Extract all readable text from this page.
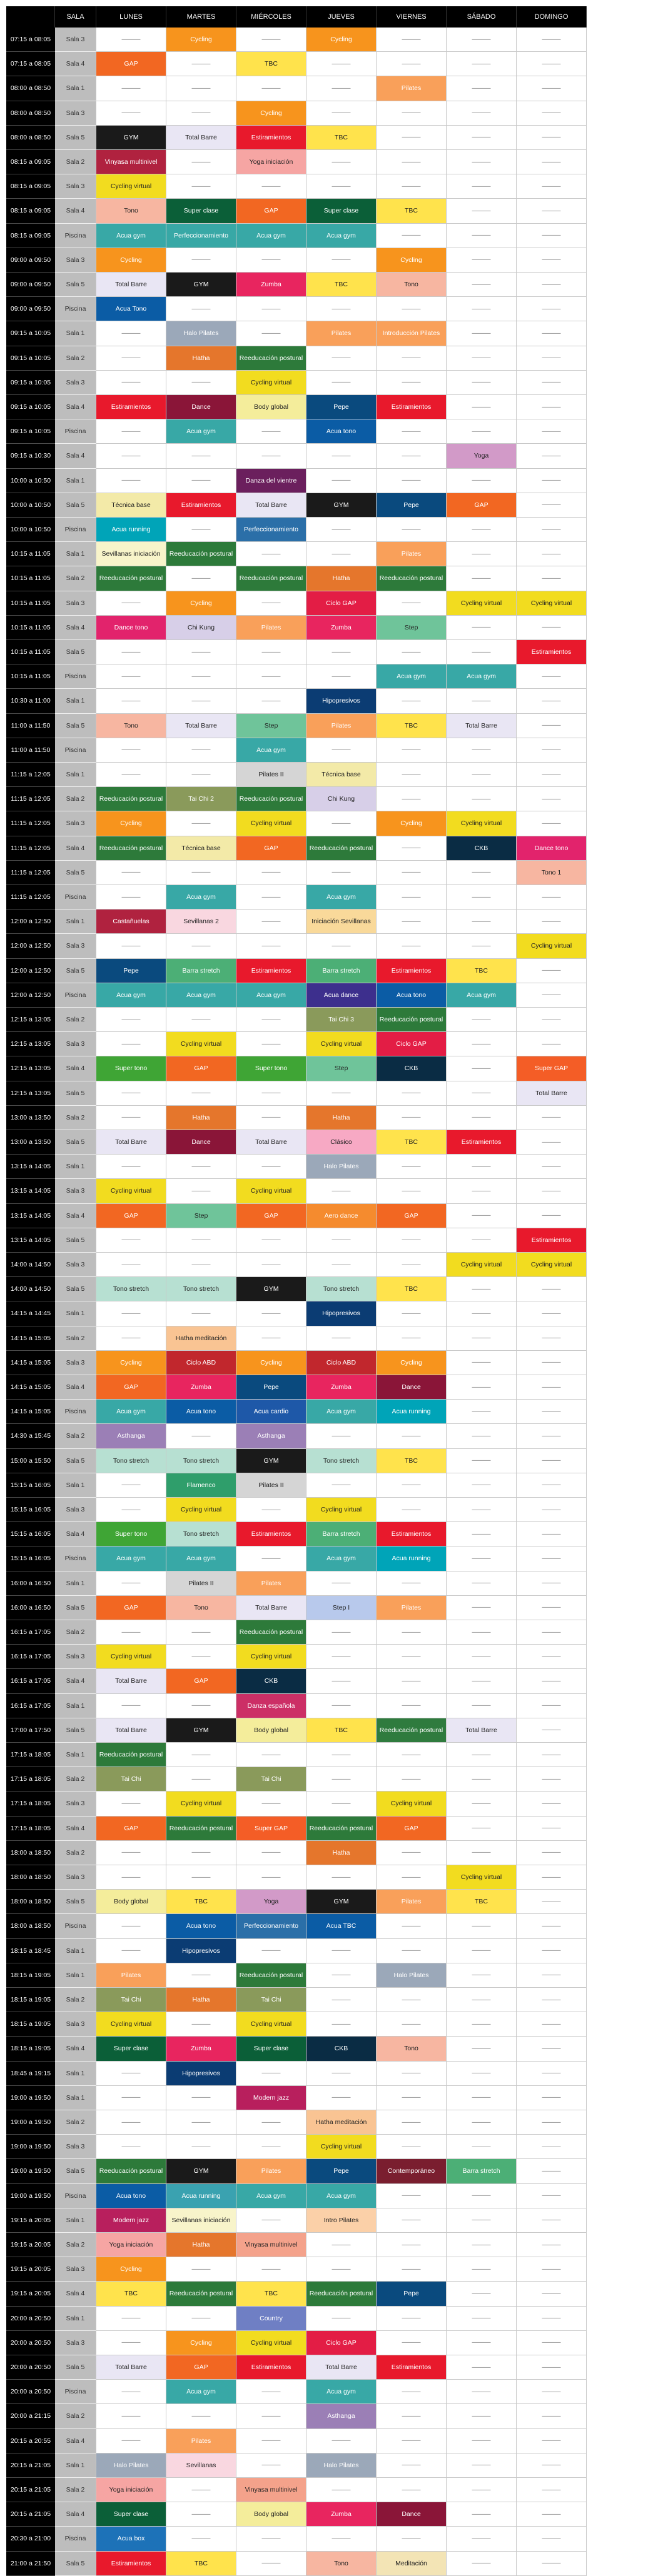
SALA	LUNES	MARTES	MIÉRCOLES	JUEVES	VIERNES	SÁBADO	DOMINGO
07:15 a 08:05	Sala 3	———	Cycling	———	Cycling	———	———	———
07:15 a 08:05	Sala 4	GAP	———	TBC	———	———	———	———
08:00 a 08:50	Sala 1	———	———	———	———	Pilates	———	———
08:00 a 08:50	Sala 3	———	———	Cycling	———	———	———	———
08:00 a 08:50	Sala 5	GYM	Total Barre	Estiramientos	TBC	———	———	———
08:15 a 09:05	Sala 2	Vinyasa multinivel	———	Yoga iniciación	———	———	———	———
08:15 a 09:05	Sala 3	Cycling virtual	———	———	———	———	———	———
08:15 a 09:05	Sala 4	Tono	Super clase	GAP	Super clase	TBC	———	———
08:15 a 09:05	Piscina	Acua gym	Perfeccionamiento	Acua gym	Acua gym	———	———	———
09:00 a 09:50	Sala 3	Cycling	———	———	———	Cycling	———	———
09:00 a 09:50	Sala 5	Total Barre	GYM	Zumba	TBC	Tono	———	———
09:00 a 09:50	Piscina	Acua Tono	———	———	———	———	———	———
09:15 a 10:05	Sala 1	———	Halo Pilates	———	Pilates	Introducción Pilates	———	———
09:15 a 10:05	Sala 2	———	Hatha	Reeducación postural	———	———	———	———
09:15 a 10:05	Sala 3	———	———	Cycling virtual	———	———	———	———
09:15 a 10:05	Sala 4	Estiramientos	Dance	Body global	Pepe	Estiramientos	———	———
09:15 a 10:05	Piscina	———	Acua gym	———	Acua tono	———	———	———
09:15 a 10:30	Sala 4	———	———	———	———	———	Yoga	———
10:00 a 10:50	Sala 1	———	———	Danza del vientre	———	———	———	———
10:00 a 10:50	Sala 5	Técnica base	Estiramientos	Total Barre	GYM	Pepe	GAP	———
10:00 a 10:50	Piscina	Acua running	———	Perfeccionamiento	———	———	———	———
10:15 a 11:05	Sala 1	Sevillanas iniciación	Reeducación postural	———	———	Pilates	———	———
10:15 a 11:05	Sala 2	Reeducación postural	———	Reeducación postural	Hatha	Reeducación postural	———	———
10:15 a 11:05	Sala 3	———	Cycling	———	Ciclo GAP	———	Cycling virtual	Cycling virtual
10:15 a 11:05	Sala 4	Dance tono	Chi Kung	Pilates	Zumba	Step	———	———
10:15 a 11:05	Sala 5	———	———	———	———	———	———	Estiramientos
10:15 a 11:05	Piscina	———	———	———	———	Acua gym	Acua gym	———
10:30 a 11:00	Sala 1	———	———	———	Hipopresivos	———	———	———
11:00 a 11:50	Sala 5	Tono	Total Barre	Step	Pilates	TBC	Total Barre	———
11:00 a 11:50	Piscina	———	———	Acua gym	———	———	———	———
11:15 a 12:05	Sala 1	———	———	Pilates II	Técnica base	———	———	———
11:15 a 12:05	Sala 2	Reeducación postural	Tai Chi 2	Reeducación postural	Chi Kung	———	———	———
11:15 a 12:05	Sala 3	Cycling	———	Cycling virtual	———	Cycling	Cycling virtual	———
11:15 a 12:05	Sala 4	Reeducación postural	Técnica base	GAP	Reeducación postural	———	CKB	Dance tono
11:15 a 12:05	Sala 5	———	———	———	———	———	———	Tono 1
11:15 a 12:05	Piscina	———	Acua gym	———	Acua gym	———	———	———
12:00 a 12:50	Sala 1	Castañuelas	Sevillanas 2	———	Iniciación Sevillanas	———	———	———
12:00 a 12:50	Sala 3	———	———	———	———	———	———	Cycling virtual
12:00 a 12:50	Sala 5	Pepe	Barra stretch	Estiramientos	Barra stretch	Estiramientos	TBC	———
12:00 a 12:50	Piscina	Acua gym	Acua gym	Acua gym	Acua dance	Acua tono	Acua gym	———
12:15 a 13:05	Sala 2	———	———	———	Tai Chi 3	Reeducación postural	———	———
12:15 a 13:05	Sala 3	———	Cycling virtual	———	Cycling virtual	Ciclo GAP	———	———
12:15 a 13:05	Sala 4	Super tono	GAP	Super tono	Step	CKB	———	Super GAP
12:15 a 13:05	Sala 5	———	———	———	———	———	———	Total Barre
13:00 a 13:50	Sala 2	———	Hatha	———	Hatha	———	———	———
13:00 a 13:50	Sala 5	Total Barre	Dance	Total Barre	Clásico	TBC	Estiramientos	———
13:15 a 14:05	Sala 1	———	———	———	Halo Pilates	———	———	———
13:15 a 14:05	Sala 3	Cycling virtual	———	Cycling virtual	———	———	———	———
13:15 a 14:05	Sala 4	GAP	Step	GAP	Aero dance	GAP	———	———
13:15 a 14:05	Sala 5	———	———	———	———	———	———	Estiramientos
14:00 a 14:50	Sala 3	———	———	———	———	———	Cycling virtual	Cycling virtual
14:00 a 14:50	Sala 5	Tono stretch	Tono stretch	GYM	Tono stretch	TBC	———	———
14:15 a 14:45	Sala 1	———	———	———	Hipopresivos	———	———	———
14:15 a 15:05	Sala 2	———	Hatha meditación	———	———	———	———	———
14:15 a 15:05	Sala 3	Cycling	Ciclo ABD	Cycling	Ciclo ABD	Cycling	———	———
14:15 a 15:05	Sala 4	GAP	Zumba	Pepe	Zumba	Dance	———	———
14:15 a 15:05	Piscina	Acua gym	Acua tono	Acua cardio	Acua gym	Acua running	———	———
14:30 a 15:45	Sala 2	Asthanga	———	Asthanga	———	———	———	———
15:00 a 15:50	Sala 5	Tono stretch	Tono stretch	GYM	Tono stretch	TBC	———	———
15:15 a 16:05	Sala 1	———	Flamenco	Pilates II	———	———	———	———
15:15 a 16:05	Sala 3	———	Cycling virtual	———	Cycling virtual	———	———	———
15:15 a 16:05	Sala 4	Super tono	Tono stretch	Estiramientos	Barra stretch	Estiramientos	———	———
15:15 a 16:05	Piscina	Acua gym	Acua gym	———	Acua gym	Acua running	———	———
16:00 a 16:50	Sala 1	———	Pilates II	Pilates	———	———	———	———
16:00 a 16:50	Sala 5	GAP	Tono	Total Barre	Step I	Pilates	———	———
16:15 a 17:05	Sala 2	———	———	Reeducación postural	———	———	———	———
16:15 a 17:05	Sala 3	Cycling virtual	———	Cycling virtual	———	———	———	———
16:15 a 17:05	Sala 4	Total Barre	GAP	CKB	———	———	———	———
16:15 a 17:05	Sala 1	———	———	Danza española	———	———	———	———
17:00 a 17:50	Sala 5	Total Barre	GYM	Body global	TBC	Reeducación postural	Total Barre	———
17:15 a 18:05	Sala 1	Reeducación postural	———	———	———	———	———	———
17:15 a 18:05	Sala 2	Tai Chi	———	Tai Chi	———	———	———	———
17:15 a 18:05	Sala 3	———	Cycling virtual	———	———	Cycling virtual	———	———
17:15 a 18:05	Sala 4	GAP	Reeducación postural	Super GAP	Reeducación postural	GAP	———	———
18:00 a 18:50	Sala 2	———	———	———	Hatha	———	———	———
18:00 a 18:50	Sala 3	———	———	———	———	———	Cycling virtual	———
18:00 a 18:50	Sala 5	Body global	TBC	Yoga	GYM	Pilates	TBC	———
18:00 a 18:50	Piscina	———	Acua tono	Perfeccionamiento	Acua TBC	———	———	———
18:15 a 18:45	Sala 1	———	Hipopresivos	———	———	———	———	———
18:15 a 19:05	Sala 1	Pilates	———	Reeducación postural	———	Halo Pilates	———	———
18:15 a 19:05	Sala 2	Tai Chi	Hatha	Tai Chi	———	———	———	———
18:15 a 19:05	Sala 3	Cycling virtual	———	Cycling virtual	———	———	———	———
18:15 a 19:05	Sala 4	Super clase	Zumba	Super clase	CKB	Tono	———	———
18:45 a 19:15	Sala 1	———	Hipopresivos	———	———	———	———	———
19:00 a 19:50	Sala 1	———	———	Modern jazz	———	———	———	———
19:00 a 19:50	Sala 2	———	———	———	Hatha meditación	———	———	———
19:00 a 19:50	Sala 3	———	———	———	Cycling virtual	———	———	———
19:00 a 19:50	Sala 5	Reeducación postural	GYM	Pilates	Pepe	Contemporáneo	Barra stretch	———
19:00 a 19:50	Piscina	Acua tono	Acua running	Acua gym	Acua gym	———	———	———
19:15 a 20:05	Sala 1	Modern jazz	Sevillanas iniciación	———	Intro Pilates	———	———	———
19:15 a 20:05	Sala 2	Yoga iniciación	Hatha	Vinyasa multinivel	———	———	———	———
19:15 a 20:05	Sala 3	Cycling	———	———	———	———	———	———
19:15 a 20:05	Sala 4	TBC	Reeducación postural	TBC	Reeducación postural	Pepe	———	———
20:00 a 20:50	Sala 1	———	———	Country	———	———	———	———
20:00 a 20:50	Sala 3	———	Cycling	Cycling virtual	Ciclo GAP	———	———	———
20:00 a 20:50	Sala 5	Total Barre	GAP	Estiramientos	Total Barre	Estiramientos	———	———
20:00 a 20:50	Piscina	———	Acua gym	———	Acua gym	———	———	———
20:00 a 21:15	Sala 2	———	———	———	Asthanga	———	———	———
20:15 a 20:55	Sala 4	———	Pilates	———	———	———	———	———
20:15 a 21:05	Sala 1	Halo Pilates	Sevillanas	———	Halo Pilates	———	———	———
20:15 a 21:05	Sala 2	Yoga iniciación	———	Vinyasa multinivel	———	———	———	———
20:15 a 21:05	Sala 4	Super clase	———	Body global	Zumba	Dance	———	———
20:30 a 21:00	Piscina	Acua box	———	———	———	———	———	———
21:00 a 21:50	Sala 5	Estiramientos	TBC	———	Tono	Meditación	———	———
